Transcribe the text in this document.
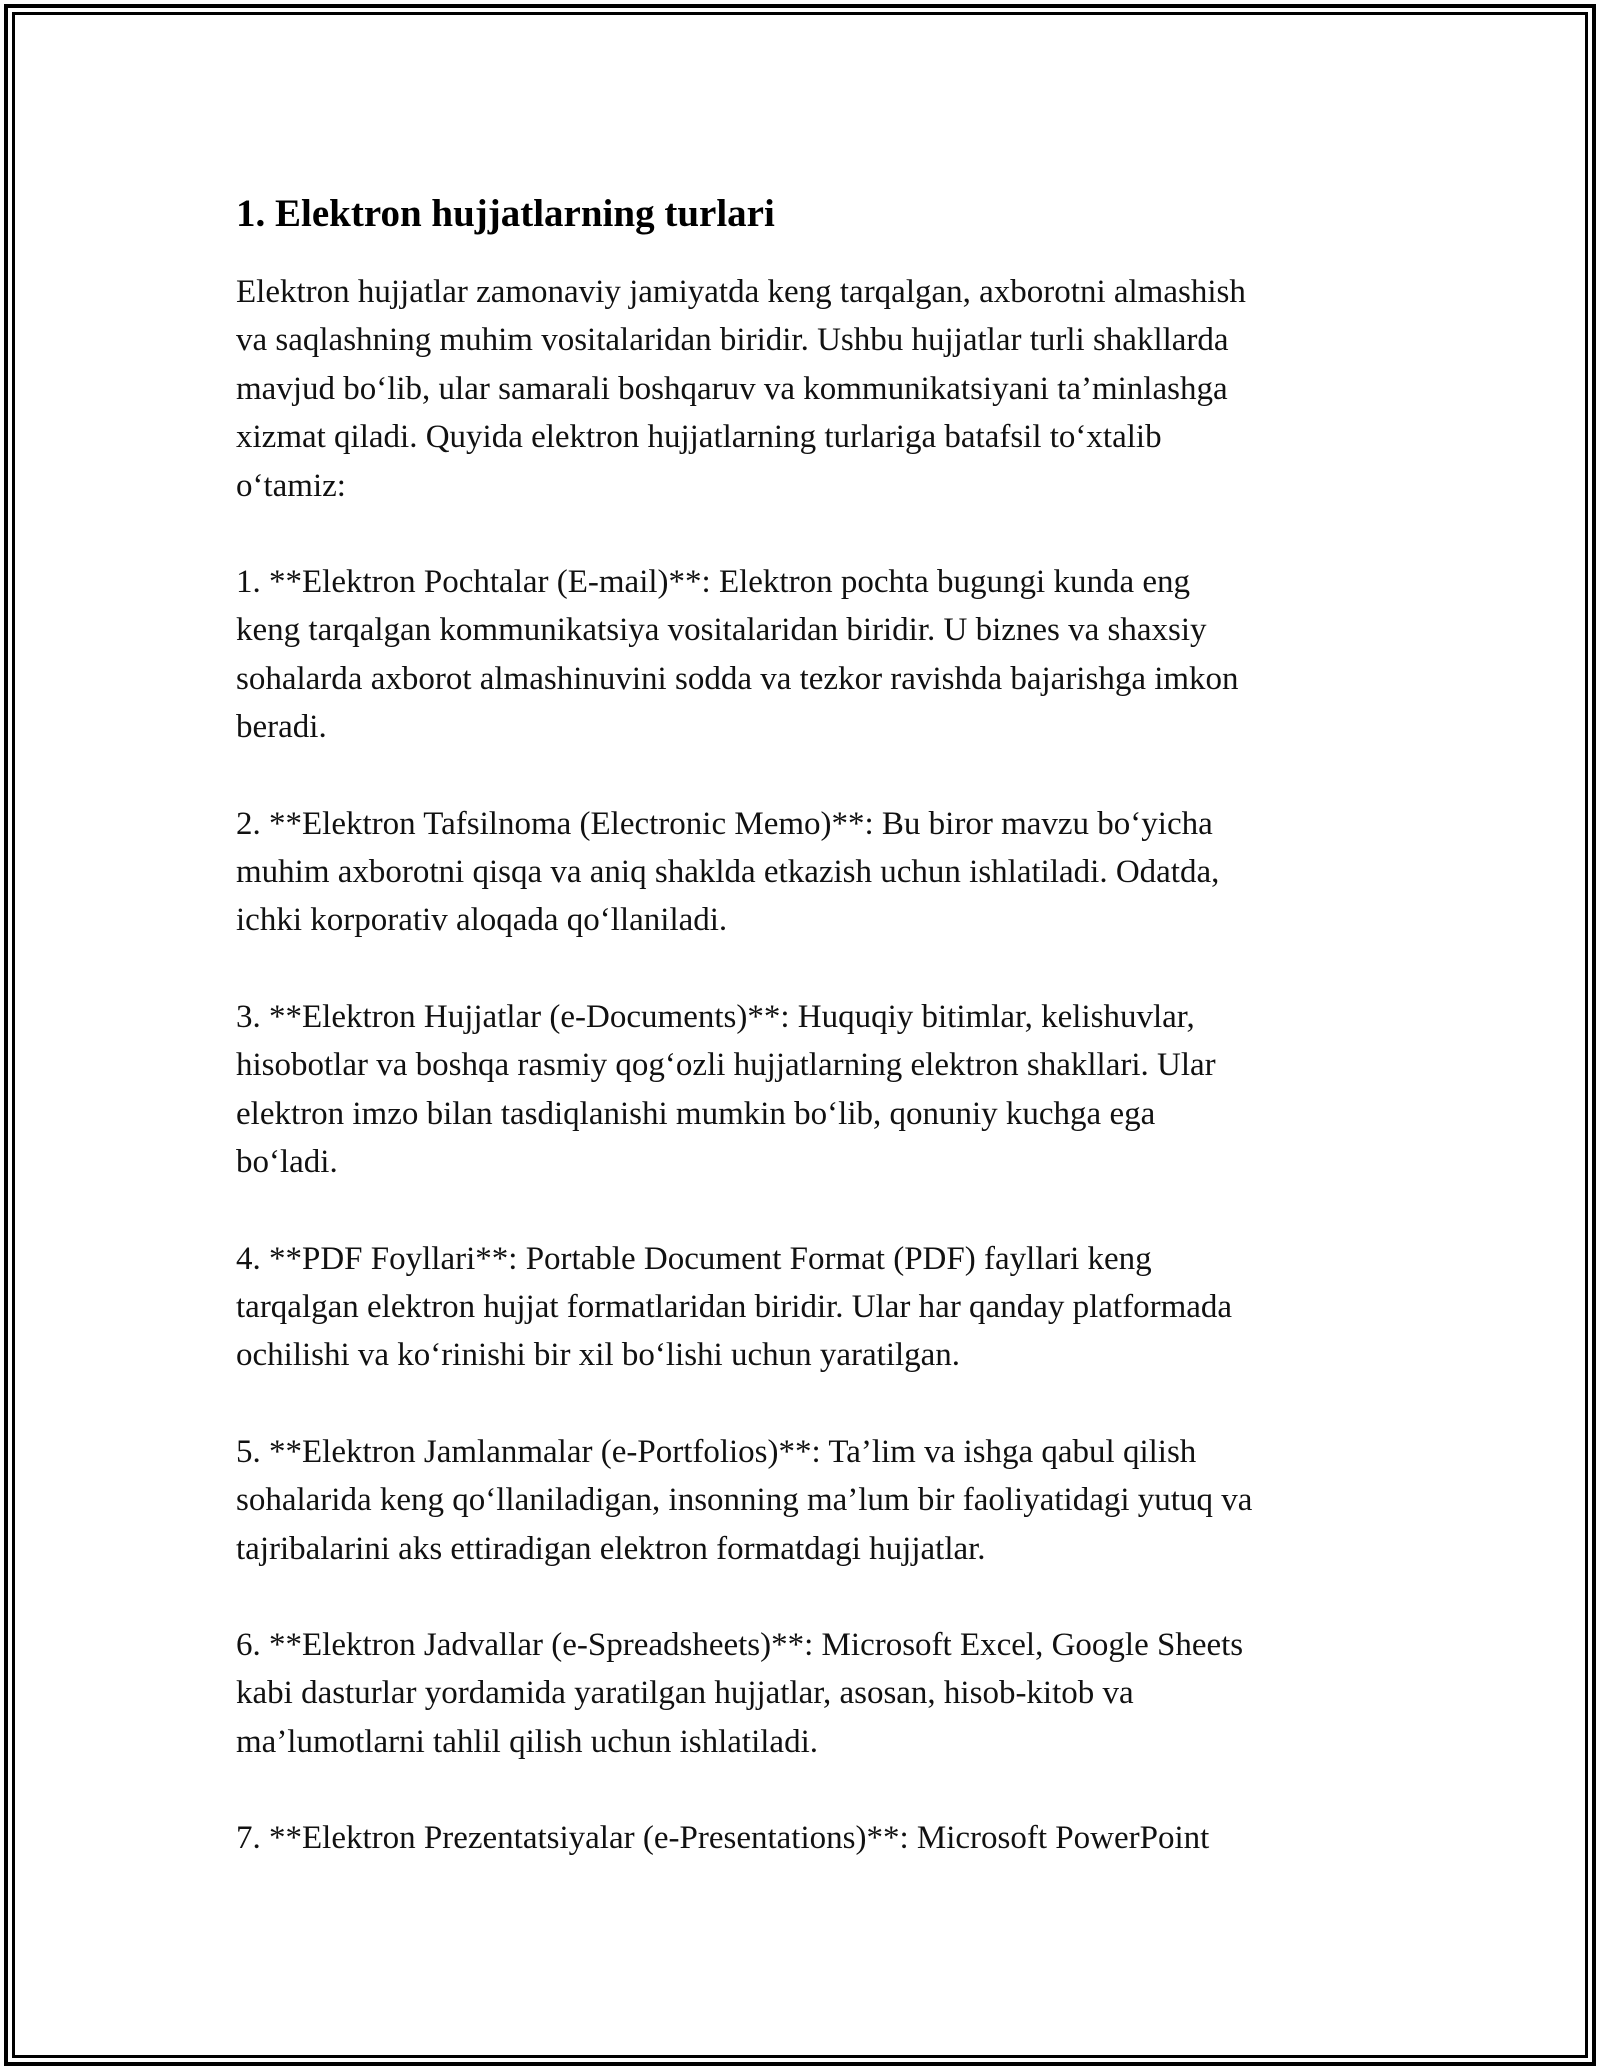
1. Elektron hujjatlarning turlari

Elektron hujjatlar zamonaviy jamiyatda keng tarqalgan, axborotni almashish
va saqlashning muhim vositalaridan biridir. Ushbu hujjatlar turli shakllarda
mavjud bo‘lib, ular samarali boshqaruv va kommunikatsiyani ta’minlashga
xizmat qiladi. Quyida elektron hujjatlarning turlariga batafsil to‘xtalib
o‘tamiz:

1. **Elektron Pochtalar (E-mail)**: Elektron pochta bugungi kunda eng
keng tarqalgan kommunikatsiya vositalaridan biridir. U biznes va shaxsiy
sohalarda axborot almashinuvini sodda va tezkor ravishda bajarishga imkon
beradi.

2. **Elektron Tafsilnoma (Electronic Memo)**: Bu biror mavzu bo‘yicha
muhim axborotni qisqa va aniq shaklda etkazish uchun ishlatiladi. Odatda,
ichki korporativ aloqada qo‘llaniladi.

3. **Elektron Hujjatlar (e-Documents)**: Huquqiy bitimlar, kelishuvlar,
hisobotlar va boshqa rasmiy qog‘ozli hujjatlarning elektron shakllari. Ular
elektron imzo bilan tasdiqlanishi mumkin bo‘lib, qonuniy kuchga ega
bo‘ladi.

4. **PDF Foyllari**: Portable Document Format (PDF) fayllari keng
tarqalgan elektron hujjat formatlaridan biridir. Ular har qanday platformada
ochilishi va ko‘rinishi bir xil bo‘lishi uchun yaratilgan.

5. **Elektron Jamlanmalar (e-Portfolios)**: Ta’lim va ishga qabul qilish
sohalarida keng qo‘llaniladigan, insonning ma’lum bir faoliyatidagi yutuq va
tajribalarini aks ettiradigan elektron formatdagi hujjatlar.

6. **Elektron Jadvallar (e-Spreadsheets)**: Microsoft Excel, Google Sheets
kabi dasturlar yordamida yaratilgan hujjatlar, asosan, hisob-kitob va
ma’lumotlarni tahlil qilish uchun ishlatiladi.

7. **Elektron Prezentatsiyalar (e-Presentations)**: Microsoft PowerPoint
